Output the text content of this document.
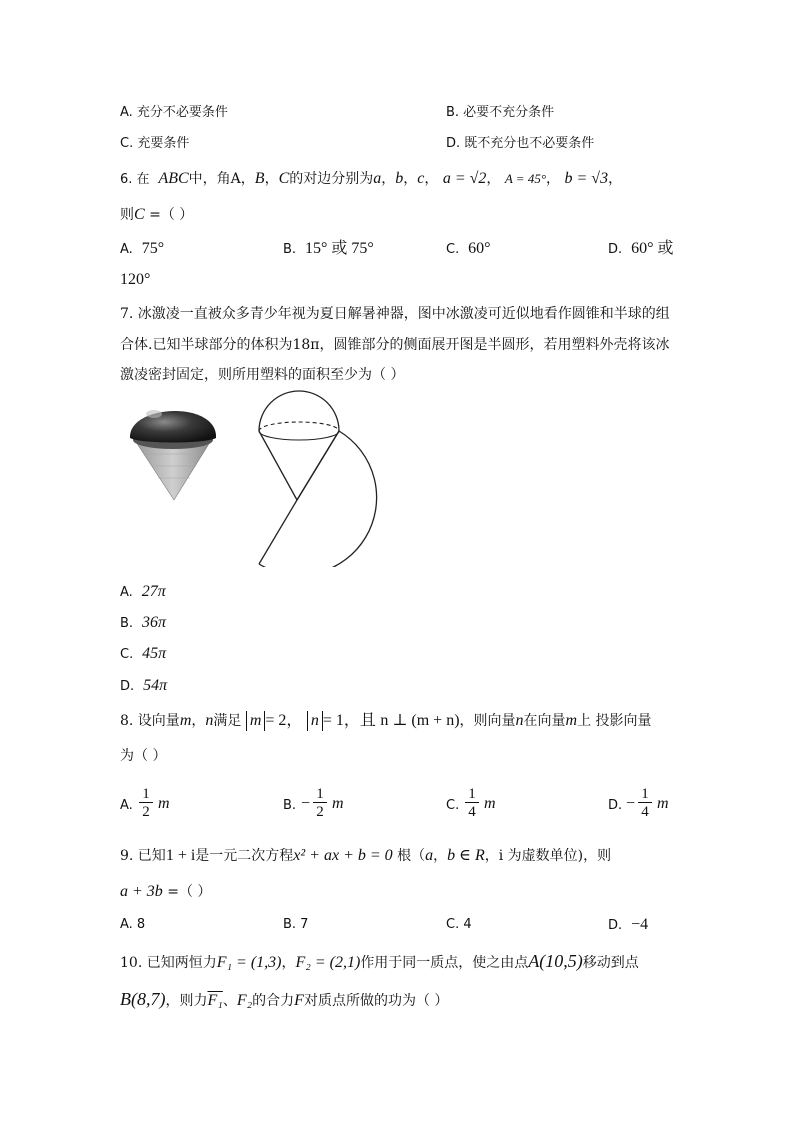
A. 充分不必要条件	B. 必要不充分条件
C. 充要条件	D. 既不充分也不必要条件
6. 在 ABC中，角A，B，C的对边分别为a，b，c， a = √2， A = 45°， b = √3，
则C =（ ）
A. 75°	B. 15° 或 75°	C. 60°	D. 60° 或
120°
7. 冰激凌一直被众多青少年视为夏日解暑神器，图中冰激凌可近似地看作圆锥和半球的组
合体.已知半球部分的体积为18π，圆锥部分的侧面展开图是半圆形，若用塑料外壳将该冰
激凌密封固定，则所用塑料的面积至少为（ ）
A. 27π
B. 36π
C. 45π
D. 54π
8. 设向量m，n满足 m = 2， n = 1，且 n ⊥ (m + n)，则向量n在向量m上 投影向量
为（ ）
A. $\frac{1}{2}$ m	B. − $\frac{1}{2}$ m	C. $\frac{1}{4}$ m	D. − $\frac{1}{4}$ m
9. 已知1 + i是一元二次方程x² + ax + b = 0 根（a，b ∈ R，i 为虚数单位)，则
a + 3b =（ ）
A. 8	B. 7	C. 4	D. −4
10. 已知两恒力F₁ = (1,3)，F₂ = (2,1)作用于同一质点，使之由点A(10,5)移动到点
B(8,7)，则力F₁、F₂的合力F对质点所做的功为（ ）
